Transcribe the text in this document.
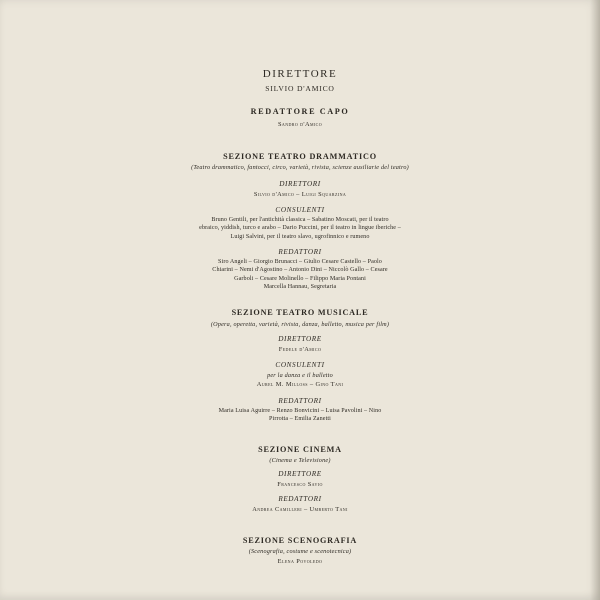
DIRETTORE

SILVIO D'AMICO

REDATTORE CAPO

Sandro d'Amico

SEZIONE TEATRO DRAMMATICO

(Teatro drammatico, fantocci, circo, varietà, rivista, scienze ausiliarie del teatro)

DIRETTORI

Silvio d'Amico – Luigi Squarzina

CONSULENTI

Bruno Gentili, per l'antichità classica – Sabatino Moscati, per il teatro
ebraico, yiddish, turco e arabo – Dario Puccini, per il teatro in lingue iberiche –
Luigi Salvini, per il teatro slavo, ugrofinnico e rumeno

REDATTORI

Siro Angeli – Giorgio Brunacci – Giulio Cesare Castello – Paolo
Chiarini – Nemi d'Agostino – Antonio Dini – Niccolò Gallo – Cesare
Garboli – Cesare Molinello – Filippo Maria Pontani
Marcella Hannau, Segretaria

SEZIONE TEATRO MUSICALE

(Opera, operetta, varietà, rivista, danza, balletto, musica per film)

DIRETTORE

Fedele d'Amico

CONSULENTI

per la danza e il balletto

Aurel M. Milloss – Gino Tani

REDATTORI

Maria Luisa Aguirre – Renzo Bonvicini – Luisa Pavolini – Nino
Pirrotta – Emilia Zanetti

SEZIONE CINEMA

(Cinema e Televisione)

DIRETTORE

Francesco Savio

REDATTORI

Andrea Camilleri – Umberto Tani

SEZIONE SCENOGRAFIA

(Scenografia, costume e scenotecnica)

Elena Povoledo
